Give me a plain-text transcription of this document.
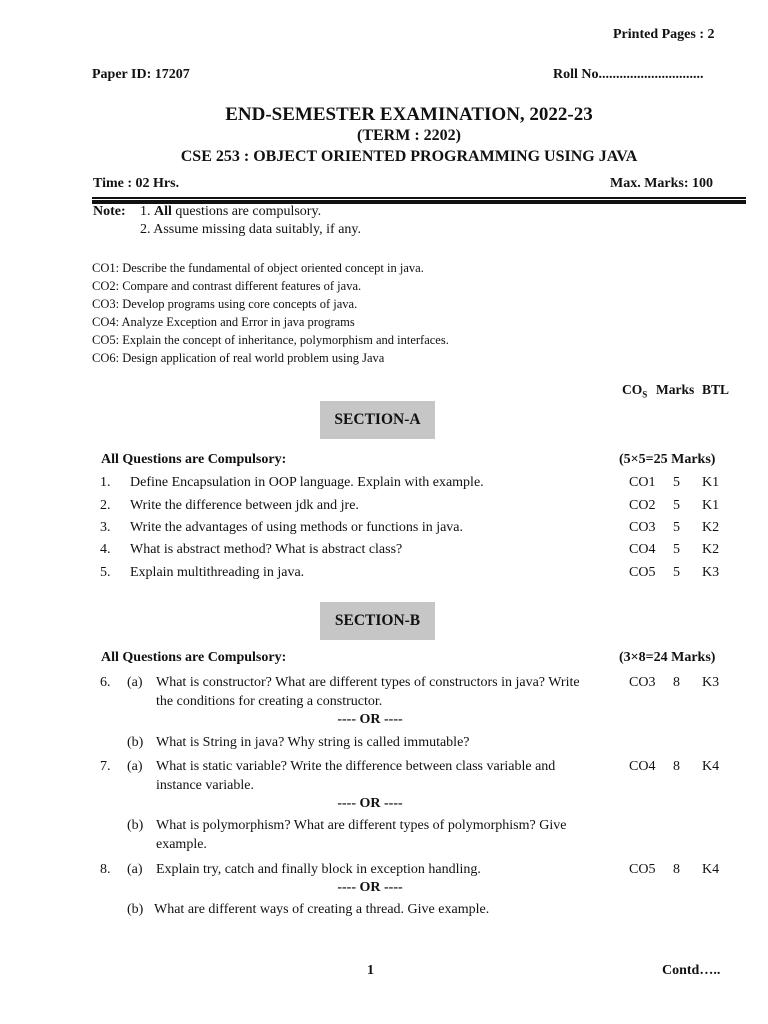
Printed Pages : 2
Paper ID: 17207	Roll No..............................
END-SEMESTER EXAMINATION, 2022-23
(TERM : 2202)
CSE 253 : OBJECT ORIENTED PROGRAMMING USING JAVA
Time : 02 Hrs.	Max. Marks: 100
Note: 1. All questions are compulsory.
2. Assume missing data suitably, if any.
CO1: Describe the fundamental of object oriented concept in java.
CO2: Compare and contrast different features of java.
CO3: Develop programs using core concepts of java.
CO4: Analyze Exception and Error in java programs
CO5: Explain the concept of inheritance, polymorphism and interfaces.
CO6: Design application of real world problem using Java
$CO_S$ Marks BTL
SECTION-A
All Questions are Compulsory:	(5×5=25 Marks)
1.	Define Encapsulation in OOP language. Explain with example.	CO1 5 K1
2.	Write the difference between jdk and jre.	CO2 5 K1
3.	Write the advantages of using methods or functions in java.	CO3 5 K2
4.	What is abstract method? What is abstract class?	CO4 5 K2
5.	Explain multithreading in java.	CO5 5 K3
SECTION-B
All Questions are Compulsory:	(3×8=24 Marks)
6.	(a) What is constructor? What are different types of constructors in java? Write	CO3 8 K3
the conditions for creating a constructor.
---- OR ----
(b) What is String in java? Why string is called immutable?
7.	(a) What is static variable? Write the difference between class variable and	CO4 8 K4
instance variable.
---- OR ----
(b) What is polymorphism? What are different types of polymorphism? Give
example.
8.	(a) Explain try, catch and finally block in exception handling.	CO5 8 K4
---- OR ----
(b) What are different ways of creating a thread. Give example.
1	Contd…..
